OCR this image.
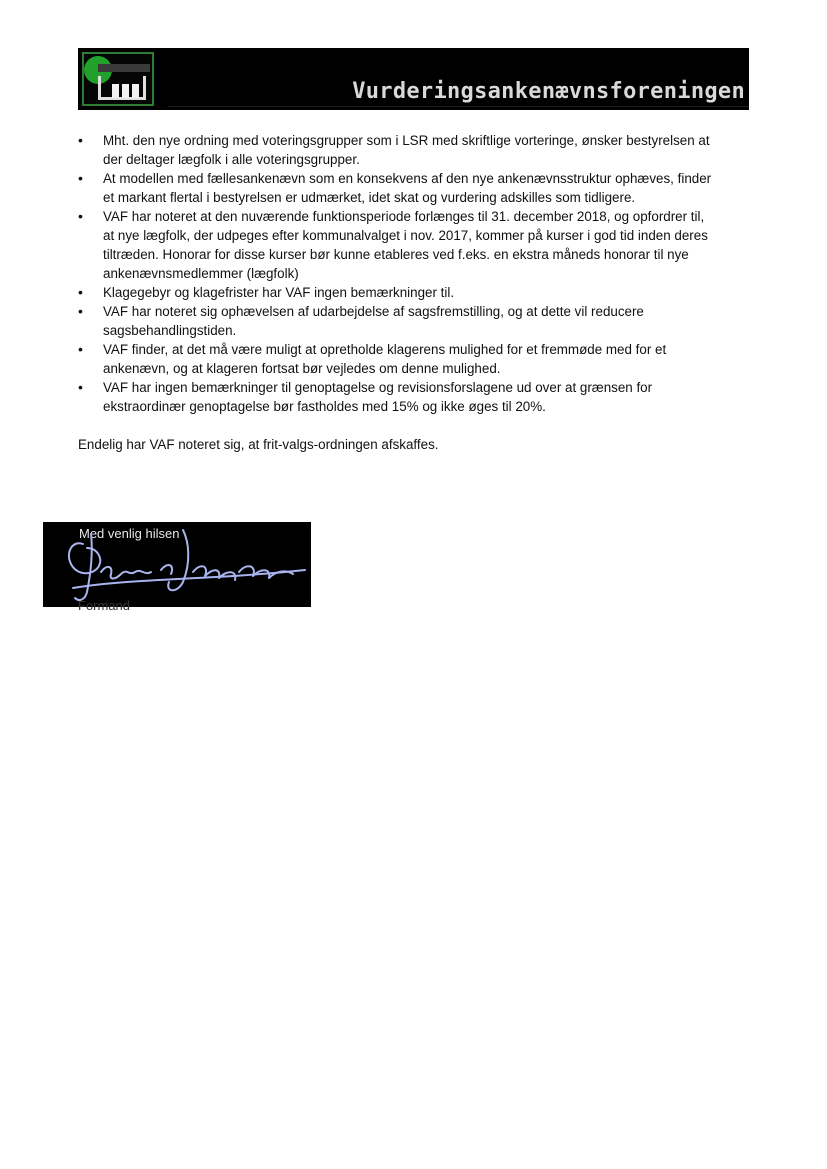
Vurderingsankenævnsforeningen
• Mht. den nye ordning med voteringsgrupper som i LSR med skriftlige vorteringe, ønsker bestyrelsen at der deltager lægfolk i alle voteringsgrupper.
• At modellen med fællesankenævn som en konsekvens af den nye ankenævnsstruktur ophæves, finder et markant flertal i bestyrelsen er udmærket, idet skat og vurdering adskilles som tidligere.
• VAF har noteret at den nuværende funktionsperiode forlænges til 31. december 2018, og opfordrer til, at nye lægfolk, der udpeges efter kommunalvalget i nov. 2017, kommer på kurser i god tid inden deres tiltræden. Honorar for disse kurser bør kunne etableres ved f.eks. en ekstra måneds honorar til nye ankenævnsmedlemmer (lægfolk)
• Klagegebyr og klagefrister har VAF ingen bemærkninger til.
• VAF har noteret sig ophævelsen af udarbejdelse af sagsfremstilling, og at dette vil reducere sagsbehandlingstiden.
• VAF finder, at det må være muligt at opretholde klagerens mulighed for et fremmøde med for et ankenævn, og at klageren fortsat bør vejledes om denne mulighed.
• VAF har ingen bemærkninger til genoptagelse og revisionsforslagene ud over at grænsen for ekstraordinær genoptagelse bør fastholdes med 15% og ikke øges til 20%.

Endelig har VAF noteret sig, at frit-valgs-ordningen afskaffes.

Med venlig hilsen
Formand
